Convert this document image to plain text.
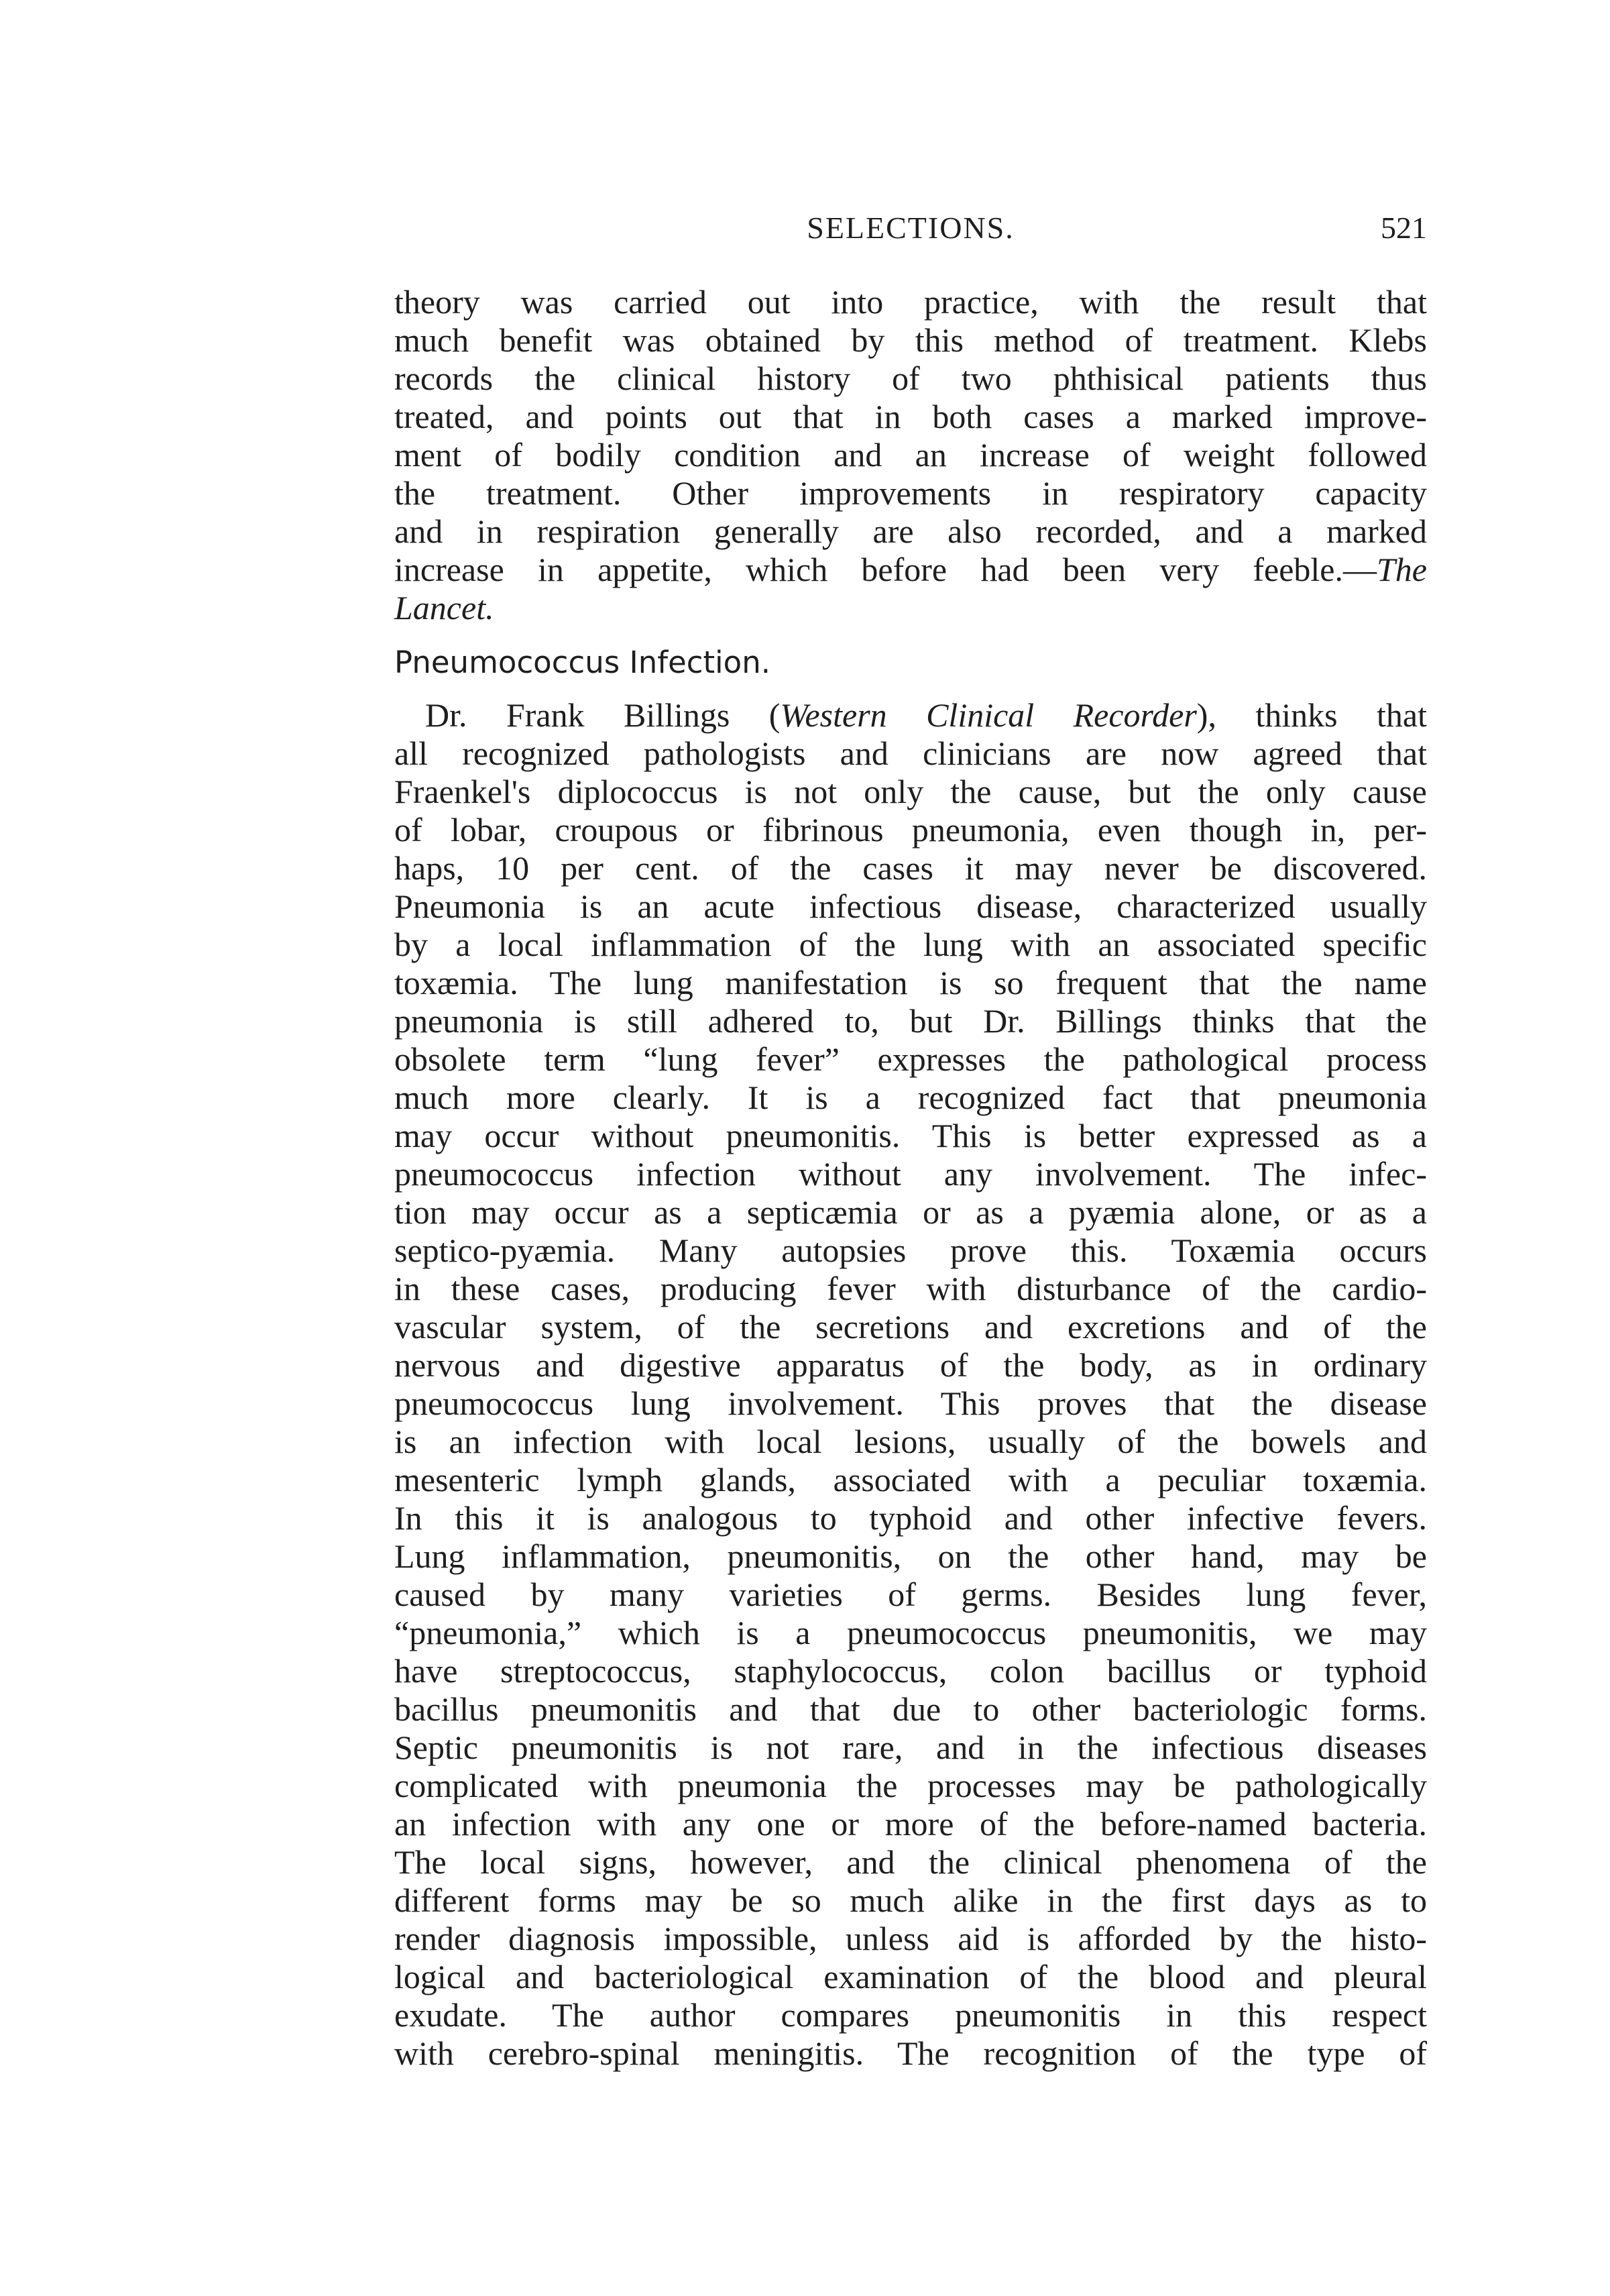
SELECTIONS.	521
theory was carried out into practice, with the result that
much benefit was obtained by this method of treatment. Klebs
records the clinical history of two phthisical patients thus
treated, and points out that in both cases a marked improve-
ment of bodily condition and an increase of weight followed
the treatment. Other improvements in respiratory capacity
and in respiration generally are also recorded, and a marked
increase in appetite, which before had been very feeble.—The
Lancet.
Pneumococcus Infection.
Dr. Frank Billings (Western Clinical Recorder), thinks that
all recognized pathologists and clinicians are now agreed that
Fraenkel's diplococcus is not only the cause, but the only cause
of lobar, croupous or fibrinous pneumonia, even though in, per-
haps, 10 per cent. of the cases it may never be discovered.
Pneumonia is an acute infectious disease, characterized usually
by a local inflammation of the lung with an associated specific
toxæmia. The lung manifestation is so frequent that the name
pneumonia is still adhered to, but Dr. Billings thinks that the
obsolete term “lung fever” expresses the pathological process
much more clearly. It is a recognized fact that pneumonia
may occur without pneumonitis. This is better expressed as a
pneumococcus infection without any involvement. The infec-
tion may occur as a septicæmia or as a pyæmia alone, or as a
septico-pyæmia. Many autopsies prove this. Toxæmia occurs
in these cases, producing fever with disturbance of the cardio-
vascular system, of the secretions and excretions and of the
nervous and digestive apparatus of the body, as in ordinary
pneumococcus lung involvement. This proves that the disease
is an infection with local lesions, usually of the bowels and
mesenteric lymph glands, associated with a peculiar toxæmia.
In this it is analogous to typhoid and other infective fevers.
Lung inflammation, pneumonitis, on the other hand, may be
caused by many varieties of germs. Besides lung fever,
“pneumonia,” which is a pneumococcus pneumonitis, we may
have streptococcus, staphylococcus, colon bacillus or typhoid
bacillus pneumonitis and that due to other bacteriologic forms.
Septic pneumonitis is not rare, and in the infectious diseases
complicated with pneumonia the processes may be pathologically
an infection with any one or more of the before-named bacteria.
The local signs, however, and the clinical phenomena of the
different forms may be so much alike in the first days as to
render diagnosis impossible, unless aid is afforded by the histo-
logical and bacteriological examination of the blood and pleural
exudate. The author compares pneumonitis in this respect
with cerebro-spinal meningitis. The recognition of the type of
